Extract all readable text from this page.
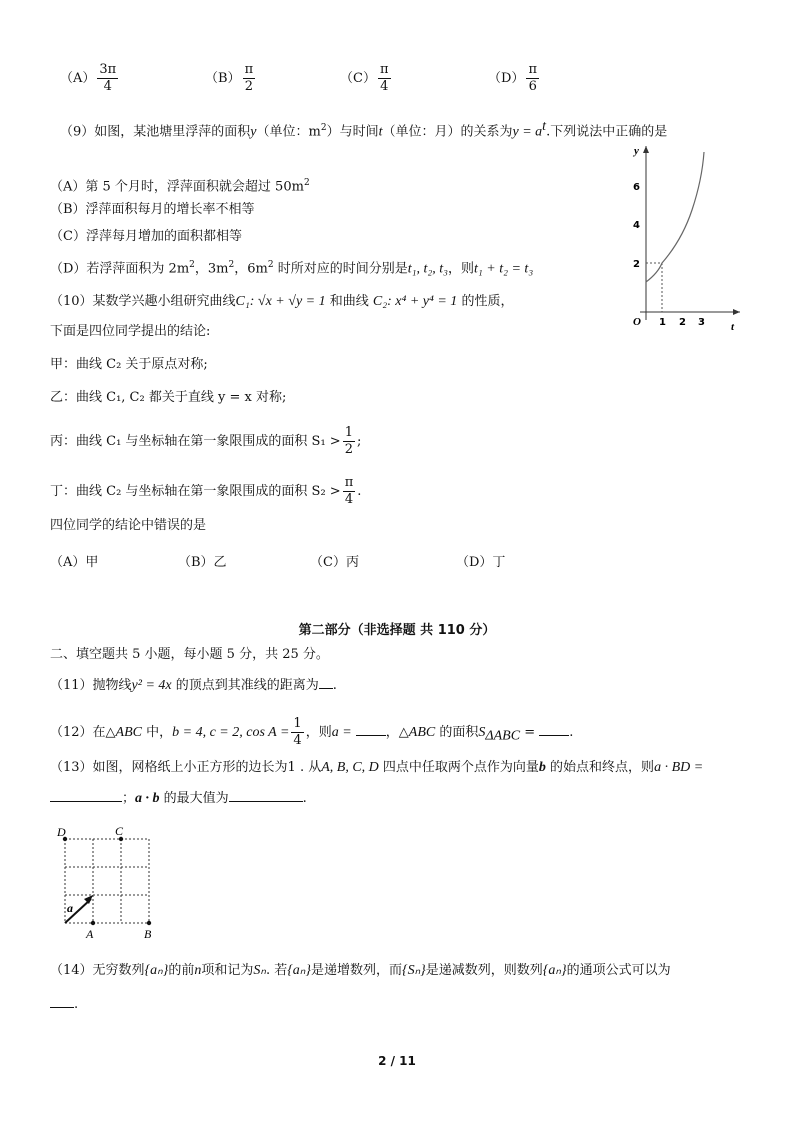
$(A) \frac{3\pi}{4}$	$(B) \frac{\pi}{2}$	$(C) \frac{\pi}{4}$	$(D) \frac{\pi}{6}$
（9）如图，某池塘里浮萍的面积y（单位：$m^2$）与时间t（单位：月）的关系为$y = a^t$.下列说法中正确的是
（A）第 5 个月时，浮萍面积就会超过 $50m^2$
（B）浮萍面积每月的增长率不相等
（C）浮萍每月增加的面积都相等
（D）若浮萍面积为 $2m^2$，$3m^2$，$6m^2$ 时所对应的时间分别是t₁, t₂, t₃，则t₁ + t₂ = t₃
y
t
O
6
4
2
1 2 3
（10）某数学兴趣小组研究曲线C₁: √x + √y = 1 和曲线 C₂: x⁴ + y⁴ = 1 的性质，
下面是四位同学提出的结论:
甲：曲线 C₂ 关于原点对称;
乙：曲线 C₁, C₂ 都关于直线 y = x 对称;
丙：曲线 C₁ 与坐标轴在第一象限围成的面积 $S_1 > \frac{1}{2}$ ;
丁：曲线 C₂ 与坐标轴在第一象限围成的面积 $S_2 > \frac{\pi}{4}$ .
四位同学的结论中错误的是
（A）甲	（B）乙	（C）丙	（D）丁
第二部分（非选择题 共 110 分）
二、填空题共 5 小题，每小题 5 分，共 25 分。
（11）抛物线y² = 4x 的顶点到其准线的距离为 .
（12）在△ABC 中，b = 4, c = 2, $\cos A = \frac{1}{4}$ ，则a =	，△ABC 的面积$S_{\Delta ABC}$ =	.
（13）如图，网格纸上小正方形的边长为1 . 从A, B, C, D 四点中任取两个点作为向量b 的始点和终点，则a · BD =
；a · b 的最大值为	.
D	C
A	B
a
（14）无穷数列{aₙ}的前n项和记为Sₙ. 若{aₙ}是递增数列，而{Sₙ}是递减数列，则数列{aₙ}的通项公式可以为
.
2 / 11
